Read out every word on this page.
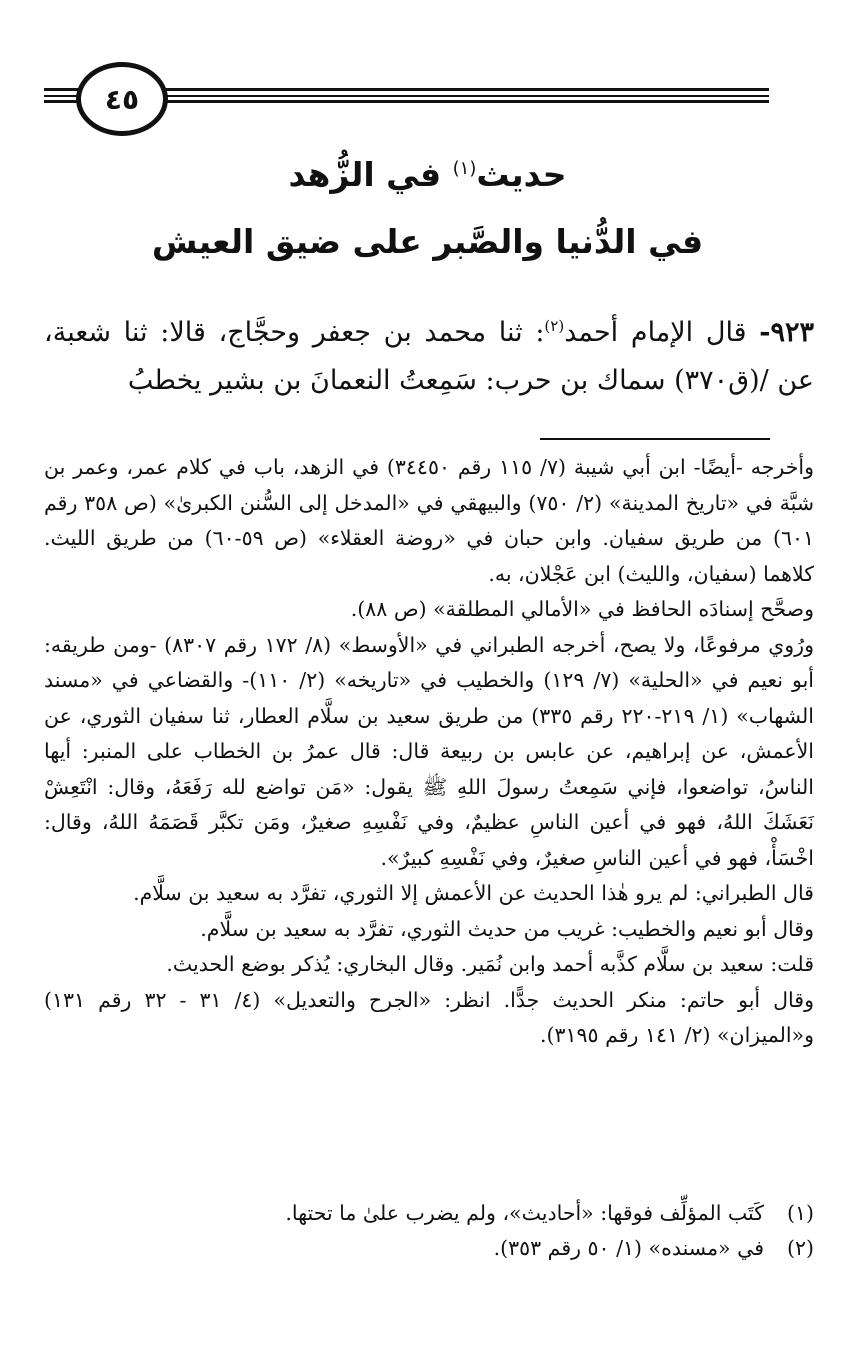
٤٥
حديث$^{(١)}$ في الزُّهد
في الدُّنيا والصَّبر على ضيق العيش
٩٢٣- قال الإمام أحمد$^{(٢)}$: ثنا محمد بن جعفر وحجَّاج، قالا: ثنا شعبة، عن /(ق٣٧٠) سماك بن حرب: سَمِعتُ النعمانَ بن بشير يخطبُ

وأخرجه -أيضًا- ابن أبي شيبة (٧/ ١١٥ رقم ٣٤٤٥٠) في الزهد، باب في كلام عمر، وعمر بن شبَّة في «تاريخ المدينة» (٢/ ٧٥٠) والبيهقي في «المدخل إلى السُّنن الكبرىٰ» (ص ٣٥٨ رقم ٦٠١) من طريق سفيان. وابن حبان في «روضة العقلاء» (ص ٥٩-٦٠) من طريق الليث. كلاهما (سفيان، والليث) ابن عَجْلان، به.

وصحَّح إسنادَه الحافظ في «الأمالي المطلقة» (ص ٨٨).

ورُوي مرفوعًا، ولا يصح، أخرجه الطبراني في «الأوسط» (٨/ ١٧٢ رقم ٨٣٠٧) -ومن طريقه: أبو نعيم في «الحلية» (٧/ ١٢٩) والخطيب في «تاريخه» (٢/ ١١٠)- والقضاعي في «مسند الشهاب» (١/ ٢١٩-٢٢٠ رقم ٣٣٥) من طريق سعيد بن سلَّام العطار، ثنا سفيان الثوري، عن الأعمش، عن إبراهيم، عن عابس بن ربيعة قال: قال عمرُ بن الخطاب على المنبر: أيها الناسُ، تواضعوا، فإني سَمِعتُ رسولَ اللهِ ﷺ يقول: «مَن تواضع لله رَفَعَهُ، وقال: انْتَعِشْ نَعَشَكَ اللهُ، فهو في أعين الناسِ عظيمٌ، وفي نَفْسِهِ صغيرٌ، ومَن تكبَّر قَصَمَهُ اللهُ، وقال: اخْسَأْ، فهو في أعين الناسِ صغيرٌ، وفي نَفْسِهِ كبيرٌ».

قال الطبراني: لم يرو هٰذا الحديث عن الأعمش إلا الثوري، تفرَّد به سعيد بن سلَّام.

وقال أبو نعيم والخطيب: غريب من حديث الثوري، تفرَّد به سعيد بن سلَّام.

قلت: سعيد بن سلَّام كذَّبه أحمد وابن نُمَير. وقال البخاري: يُذكر بوضع الحديث.

وقال أبو حاتم: منكر الحديث جدًّا. انظر: «الجرح والتعديل» (٤/ ٣١ - ٣٢ رقم ١٣١) و«الميزان» (٢/ ١٤١ رقم ٣١٩٥).

(١)
كَتَب المؤلِّف فوقها: «أحاديث»، ولم يضرب علىٰ ما تحتها.
(٢)
في «مسنده» (١/ ٥٠ رقم ٣٥٣).
